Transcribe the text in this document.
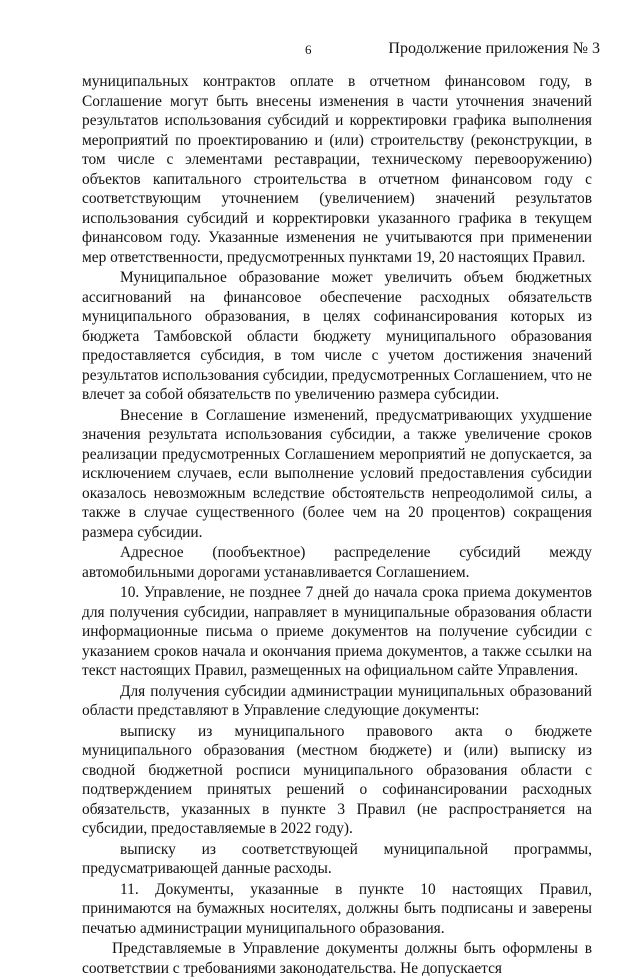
6	Продолжение приложения № 3

муниципальных контрактов оплате в отчетном финансовом году, в Соглашение могут быть внесены изменения в части уточнения значений результатов использования субсидий и корректировки графика выполнения мероприятий по проектированию и (или) строительству (реконструкции, в том числе с элементами реставрации, техническому перевооружению) объектов капитального строительства в отчетном финансовом году с соответствующим уточнением (увеличением) значений результатов использования субсидий и корректировки указанного графика в текущем финансовом году. Указанные изменения не учитываются при применении мер ответственности, предусмотренных пунктами 19, 20 настоящих Правил.

Муниципальное образование может увеличить объем бюджетных ассигнований на финансовое обеспечение расходных обязательств муниципального образования, в целях софинансирования которых из бюджета Тамбовской области бюджету муниципального образования предоставляется субсидия, в том числе с учетом достижения значений результатов использования субсидии, предусмотренных Соглашением, что не влечет за собой обязательств по увеличению размера субсидии.

Внесение в Соглашение изменений, предусматривающих ухудшение значения результата использования субсидии, а также увеличение сроков реализации предусмотренных Соглашением мероприятий не допускается, за исключением случаев, если выполнение условий предоставления субсидии оказалось невозможным вследствие обстоятельств непреодолимой силы, а также в случае существенного (более чем на 20 процентов) сокращения размера субсидии.

Адресное (пообъектное) распределение субсидий между автомобильными дорогами устанавливается Соглашением.

10. Управление, не позднее 7 дней до начала срока приема документов для получения субсидии, направляет в муниципальные образования области информационные письма о приеме документов на получение субсидии с указанием сроков начала и окончания приема документов, а также ссылки на текст настоящих Правил, размещенных на официальном сайте Управления.

Для получения субсидии администрации муниципальных образований области представляют в Управление следующие документы:

выписку из муниципального правового акта о бюджете муниципального образования (местном бюджете) и (или) выписку из сводной бюджетной росписи муниципального образования области с подтверждением принятых решений о софинансировании расходных обязательств, указанных в пункте 3 Правил (не распространяется на субсидии, предоставляемые в 2022 году).

выписку из соответствующей муниципальной программы, предусматривающей данные расходы.

11. Документы, указанные в пункте 10 настоящих Правил, принимаются на бумажных носителях, должны быть подписаны и заверены печатью администрации муниципального образования.

Представляемые в Управление документы должны быть оформлены в соответствии с требованиями законодательства. Не допускается
